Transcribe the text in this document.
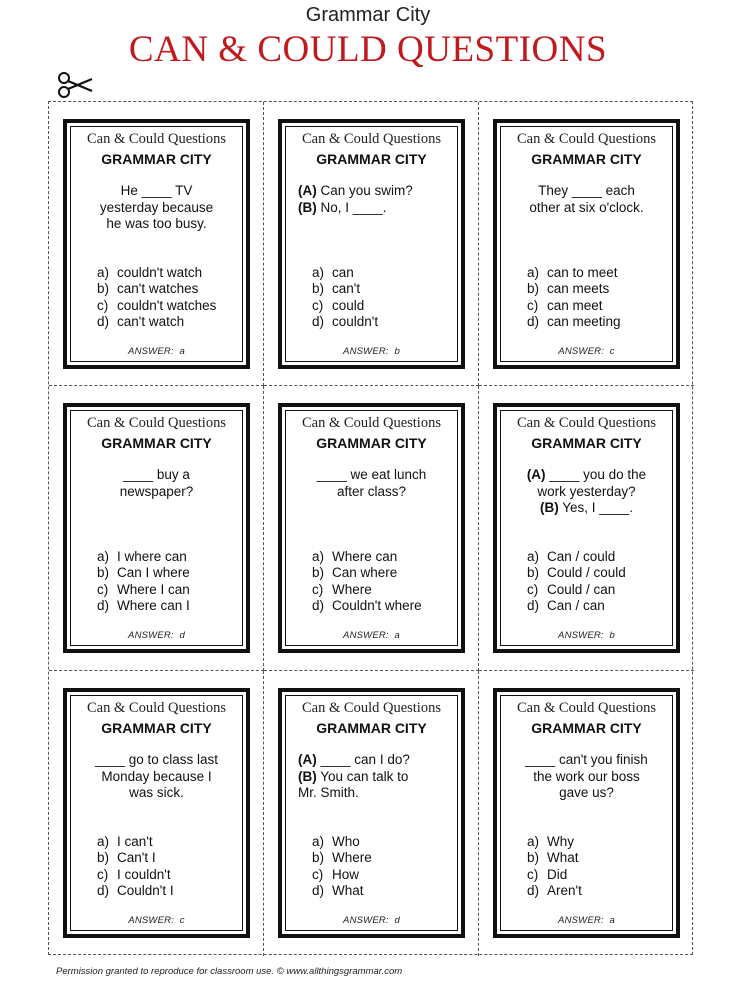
Grammar City
CAN & COULD QUESTIONS
Can & Could Questions
GRAMMAR CITY
He ____ TV
yesterday because
he was too busy.
a) couldn't watch
b) can't watches
c) couldn't watches
d) can't watch
ANSWER: a
Can & Could Questions
GRAMMAR CITY
(A) Can you swim?
(B) No, I ____.
a) can
b) can't
c) could
d) couldn't
ANSWER: b
Can & Could Questions
GRAMMAR CITY
They ____ each
other at six o'clock.
a) can to meet
b) can meets
c) can meet
d) can meeting
ANSWER: c
Can & Could Questions
GRAMMAR CITY
____ buy a
newspaper?
a) I where can
b) Can I where
c) Where I can
d) Where can I
ANSWER: d
Can & Could Questions
GRAMMAR CITY
____ we eat lunch
after class?
a) Where can
b) Can where
c) Where
d) Couldn't where
ANSWER: a
Can & Could Questions
GRAMMAR CITY
(A) ____ you do the
work yesterday?
(B) Yes, I ____.
a) Can / could
b) Could / could
c) Could / can
d) Can / can
ANSWER: b
Can & Could Questions
GRAMMAR CITY
____ go to class last
Monday because I
was sick.
a) I can't
b) Can't I
c) I couldn't
d) Couldn't I
ANSWER: c
Can & Could Questions
GRAMMAR CITY
(A) ____ can I do?
(B) You can talk to
Mr. Smith.
a) Who
b) Where
c) How
d) What
ANSWER: d
Can & Could Questions
GRAMMAR CITY
____ can't you finish
the work our boss
gave us?
a) Why
b) What
c) Did
d) Aren't
ANSWER: a
Permission granted to reproduce for classroom use. © www.allthingsgrammar.com
